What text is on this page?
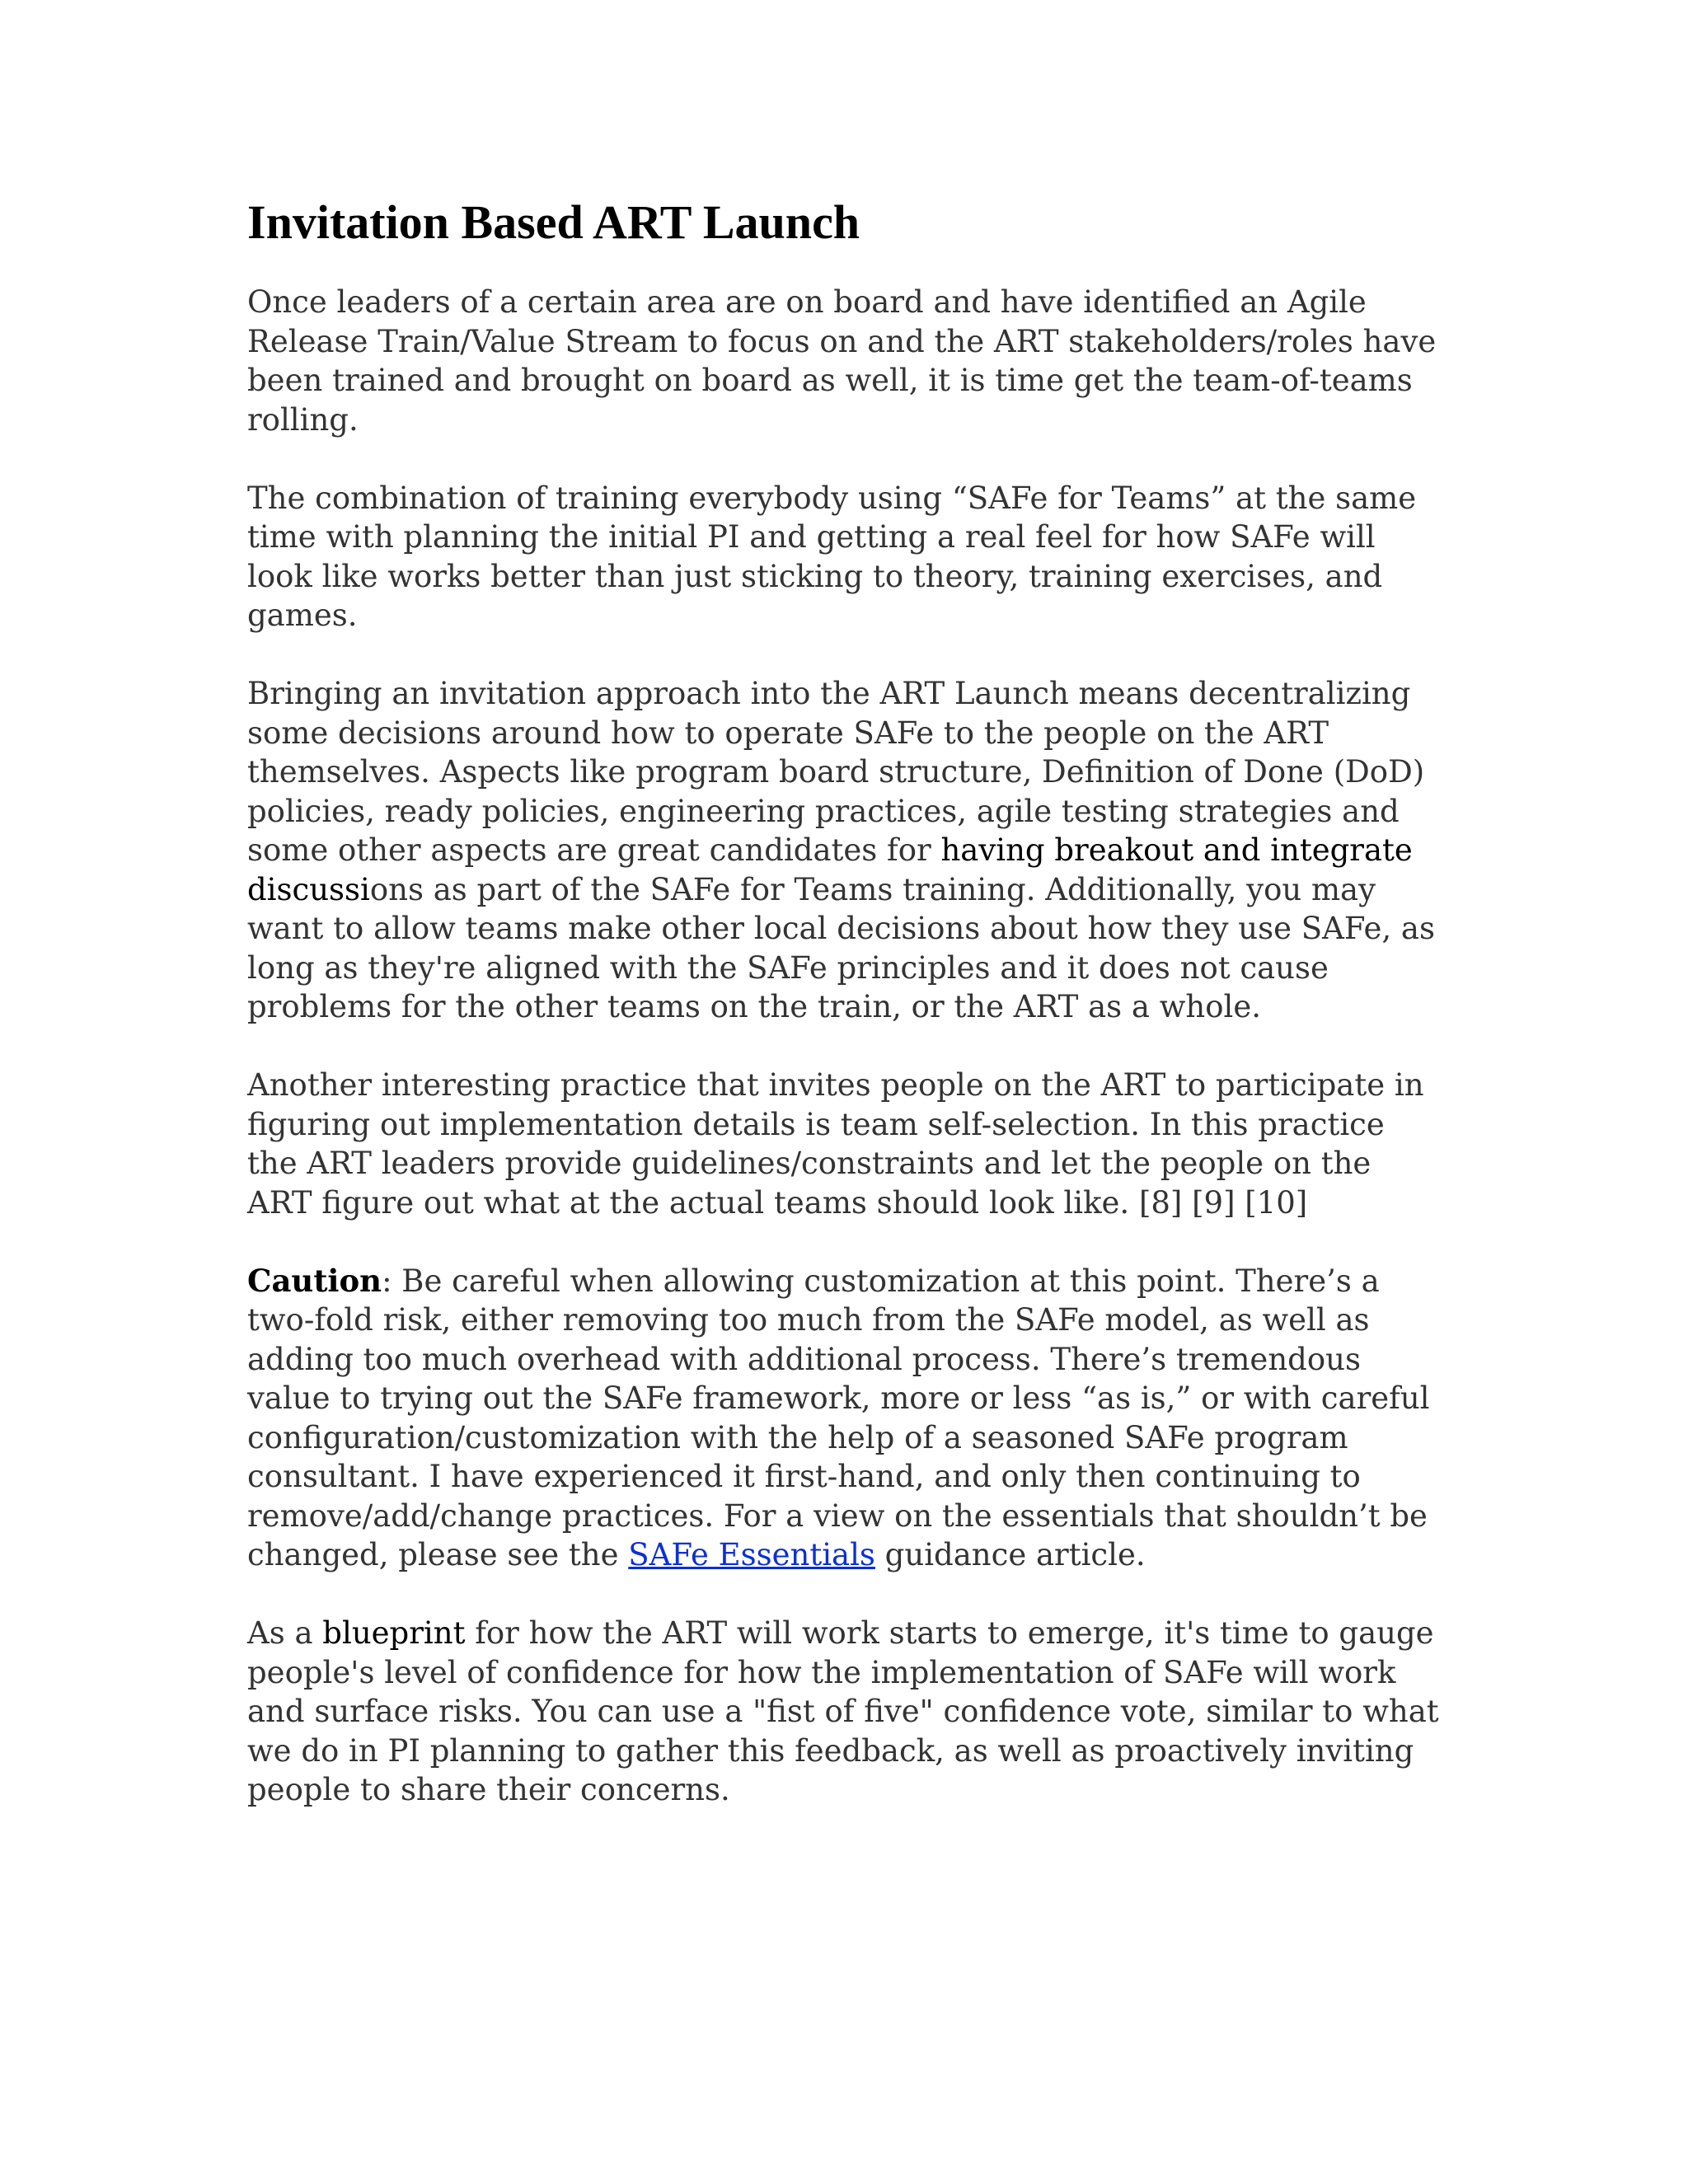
Invitation Based ART Launch

Once leaders of a certain area are on board and have identified an Agile Release Train/Value Stream to focus on and the ART stakeholders/roles have been trained and brought on board as well, it is time get the team-of-teams rolling.

The combination of training everybody using “SAFe for Teams” at the same time with planning the initial PI and getting a real feel for how SAFe will look like works better than just sticking to theory, training exercises, and games.

Bringing an invitation approach into the ART Launch means decentralizing some decisions around how to operate SAFe to the people on the ART themselves. Aspects like program board structure, Definition of Done (DoD) policies, ready policies, engineering practices, agile testing strategies and some other aspects are great candidates for having breakout and integrate discussions as part of the SAFe for Teams training. Additionally, you may want to allow teams make other local decisions about how they use SAFe, as long as they're aligned with the SAFe principles and it does not cause problems for the other teams on the train, or the ART as a whole.

Another interesting practice that invites people on the ART to participate in figuring out implementation details is team self-selection. In this practice the ART leaders provide guidelines/constraints and let the people on the ART figure out what at the actual teams should look like. [8] [9] [10]

Caution: Be careful when allowing customization at this point. There’s a two-fold risk, either removing too much from the SAFe model, as well as adding too much overhead with additional process. There’s tremendous value to trying out the SAFe framework, more or less “as is,” or with careful configuration/customization with the help of a seasoned SAFe program consultant. I have experienced it first-hand, and only then continuing to remove/add/change practices. For a view on the essentials that shouldn’t be changed, please see the SAFe Essentials guidance article.

As a blueprint for how the ART will work starts to emerge, it's time to gauge people's level of confidence for how the implementation of SAFe will work and surface risks. You can use a "fist of five" confidence vote, similar to what we do in PI planning to gather this feedback, as well as proactively inviting people to share their concerns.
